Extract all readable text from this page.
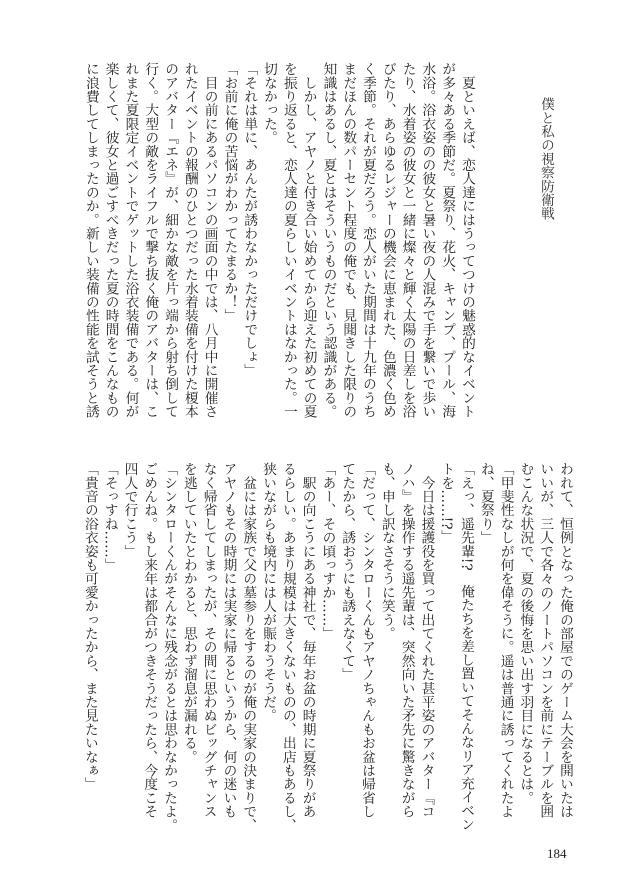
僕と私の視察防衛戦
　夏といえば、恋人達にはうってつけの魅惑的なイベント
が多々ある季節だ。夏祭り、花火、キャンプ、プール、海
水浴。浴衣姿のの彼女と暑い夜の人混みで手を繋いで歩い
たり、水着姿の彼女と一緒に燦々と輝く太陽の日差しを浴
びたり、あらゆるレジャーの機会に恵まれた、色濃く色め
く季節。それが夏だろう。恋人がいた期間は十九年のうち
まだほんの数パーセント程度の俺でも、見聞きした限りの
知識はあるし、夏とはそういうものだという認識がある。
　しかし、アヤノと付き合い始めてから迎えた初めての夏
を振り返ると、恋人達の夏らしいイベントはなかった。一
切なかった。
「それは単に、あんたが誘わなかっただけでしょ」
「お前に俺の苦悩がわかってたまるか！」
　目の前にあるパソコンの画面の中では、八月中に開催さ
れたイベントの報酬のひとつだった水着装備を付けた榎本
のアバター『エネ』が、細かな敵を片っ端から射ち倒して
行く。大型の敵をライフルで撃ち抜く俺のアバターは、こ
れまた夏限定イベントでゲットした浴衣装備である。何が
楽しくて、彼女と過ごすべきだった夏の時間をこんなもの
に浪費してしまったのか。新しい装備の性能を試そうと誘
われて、恒例となった俺の部屋でのゲーム大会を開いたは
いいが、三人で各々のノートパソコンを前にテーブルを囲
むこんな状況で、夏の後悔を思い出す羽目になるとは。
「甲斐性なしが何を偉そうに。遥は普通に誘ってくれたよ
ね、夏祭り」
「えっ、遥先輩!?　俺たちを差し置いてそんなリア充イベン
トを……!?」
　今日は援護役を買って出てくれた甚平姿のアバター『コ
ノハ』を操作する遥先輩は、突然向いた矛先に驚きながら
も、申し訳なさそうに笑う。
「だって、シンタローくんもアヤノちゃんもお盆は帰省し
てたから、誘おうにも誘えなくて」
「あー、その頃っすか……」
　駅の向こうにある神社で、毎年お盆の時期に夏祭りがあ
るらしい。あまり規模は大きくないものの、出店もあるし、
狭いながらも境内には人が賑わうそうだ。
　盆には家族で父の墓参りをするのが俺の実家の決まりで、
アヤノもその時期には実家に帰るというから、何の迷いも
なく帰省してしまったが、その間に思わぬビッグチャンス
を逃していたとわかると、思わず溜息が漏れる。
「シンタローくんがそんなに残念がるとは思わなかったよ。
ごめんね。もし来年は都合がつきそうだったら、今度こそ
四人で行こう」
「そっすね……」
「貴音の浴衣姿も可愛かったから、また見たいなぁ」
184
